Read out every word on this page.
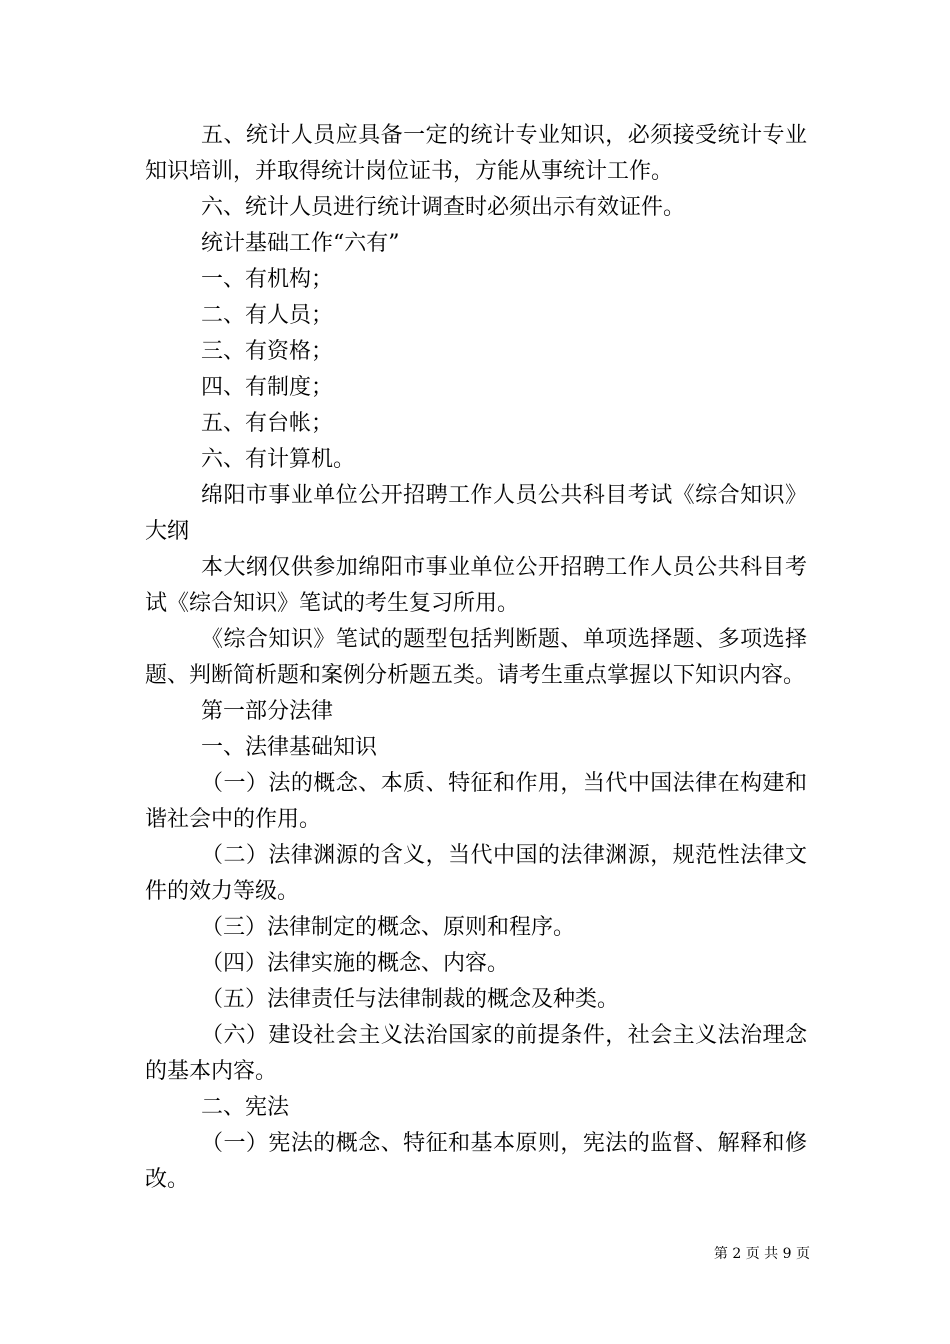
五、统计人员应具备一定的统计专业知识，必须接受统计专业知识培训，并取得统计岗位证书，方能从事统计工作。

六、统计人员进行统计调查时必须出示有效证件。

统计基础工作“六有”

一、有机构；

二、有人员；

三、有资格；

四、有制度；

五、有台帐；

六、有计算机。

绵阳市事业单位公开招聘工作人员公共科目考试《综合知识》大纲

本大纲仅供参加绵阳市事业单位公开招聘工作人员公共科目考试《综合知识》笔试的考生复习所用。

《综合知识》笔试的题型包括判断题、单项选择题、多项选择题、判断简析题和案例分析题五类。请考生重点掌握以下知识内容。

第一部分法律

一、法律基础知识

（一）法的概念、本质、特征和作用，当代中国法律在构建和谐社会中的作用。

（二）法律渊源的含义，当代中国的法律渊源，规范性法律文件的效力等级。

（三）法律制定的概念、原则和程序。

（四）法律实施的概念、内容。

（五）法律责任与法律制裁的概念及种类。

（六）建设社会主义法治国家的前提条件，社会主义法治理念的基本内容。

二、宪法

（一）宪法的概念、特征和基本原则，宪法的监督、解释和修改。

第 2 页 共 9 页
